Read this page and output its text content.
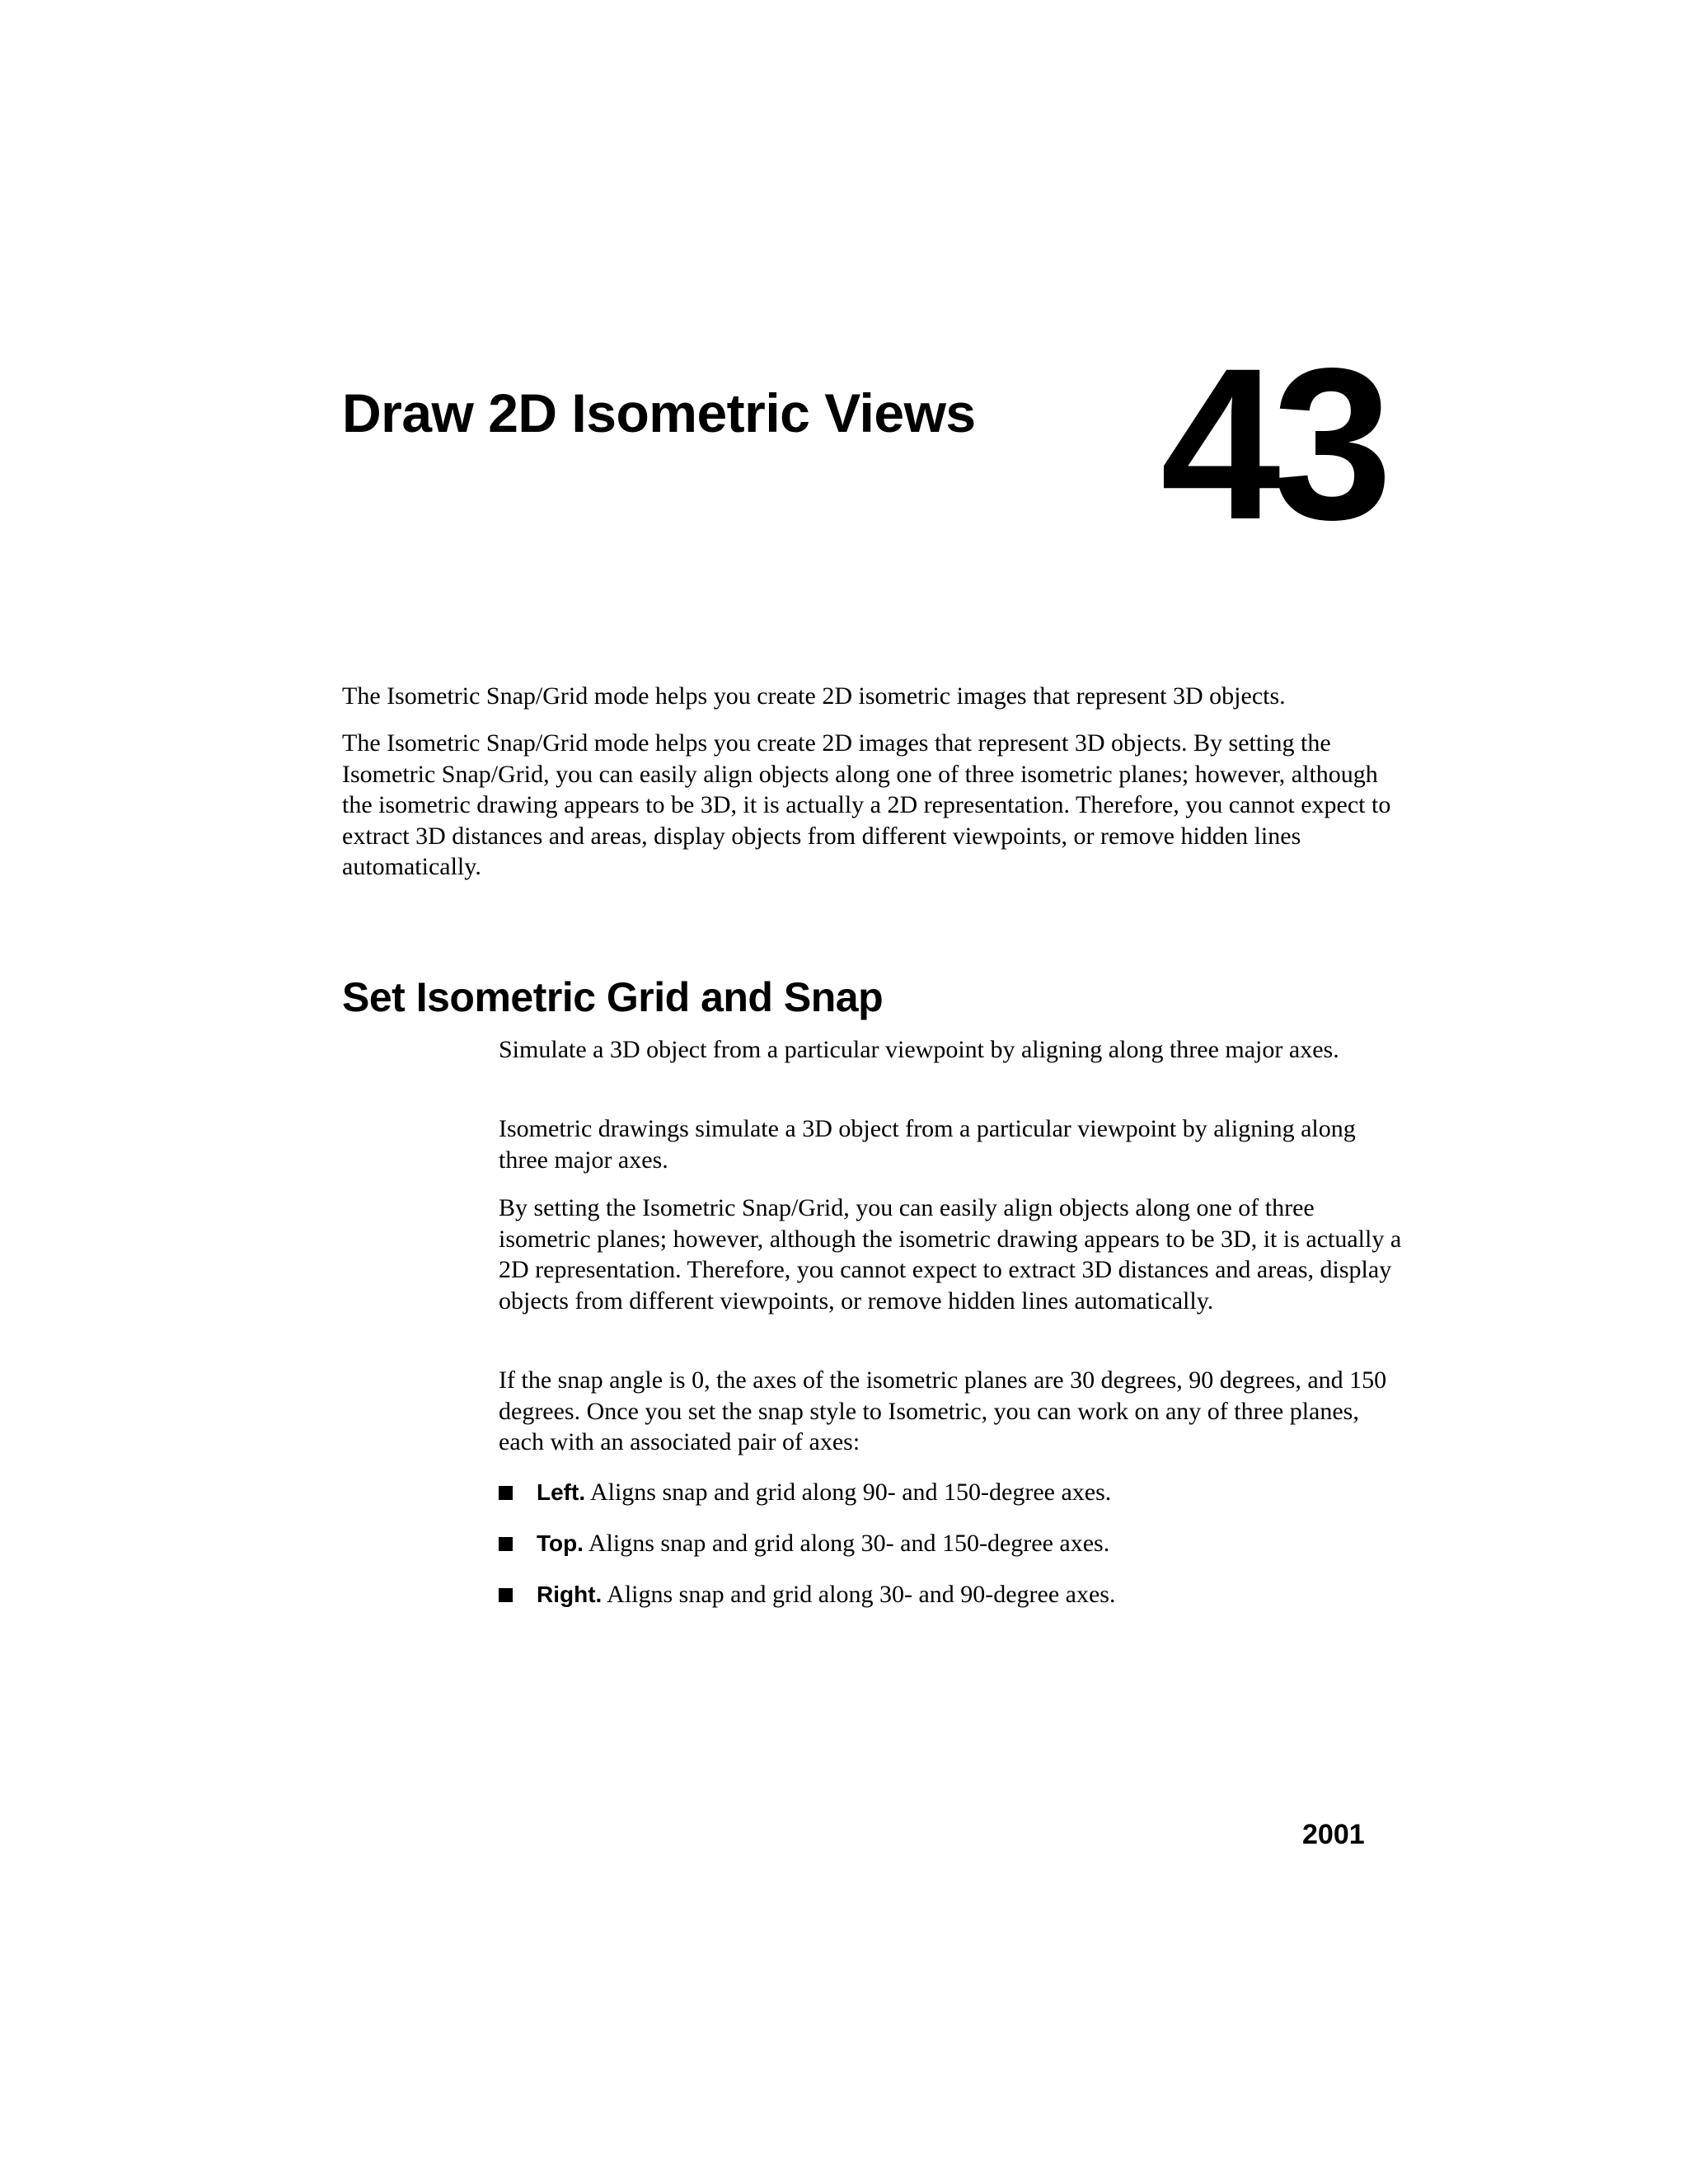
Draw 2D Isometric Views 43

The Isometric Snap/Grid mode helps you create 2D isometric images that represent 3D objects.

The Isometric Snap/Grid mode helps you create 2D images that represent 3D objects. By setting the Isometric Snap/Grid, you can easily align objects along one of three isometric planes; however, although the isometric drawing appears to be 3D, it is actually a 2D representation. Therefore, you cannot expect to extract 3D distances and areas, display objects from different viewpoints, or remove hidden lines automatically.

Set Isometric Grid and Snap

Simulate a 3D object from a particular viewpoint by aligning along three major axes.

Isometric drawings simulate a 3D object from a particular viewpoint by aligning along three major axes.

By setting the Isometric Snap/Grid, you can easily align objects along one of three isometric planes; however, although the isometric drawing appears to be 3D, it is actually a 2D representation. Therefore, you cannot expect to extract 3D distances and areas, display objects from different viewpoints, or remove hidden lines automatically.

If the snap angle is 0, the axes of the isometric planes are 30 degrees, 90 degrees, and 150 degrees. Once you set the snap style to Isometric, you can work on any of three planes, each with an associated pair of axes:

Left. Aligns snap and grid along 90- and 150-degree axes.
Top. Aligns snap and grid along 30- and 150-degree axes.
Right. Aligns snap and grid along 30- and 90-degree axes.
2001
